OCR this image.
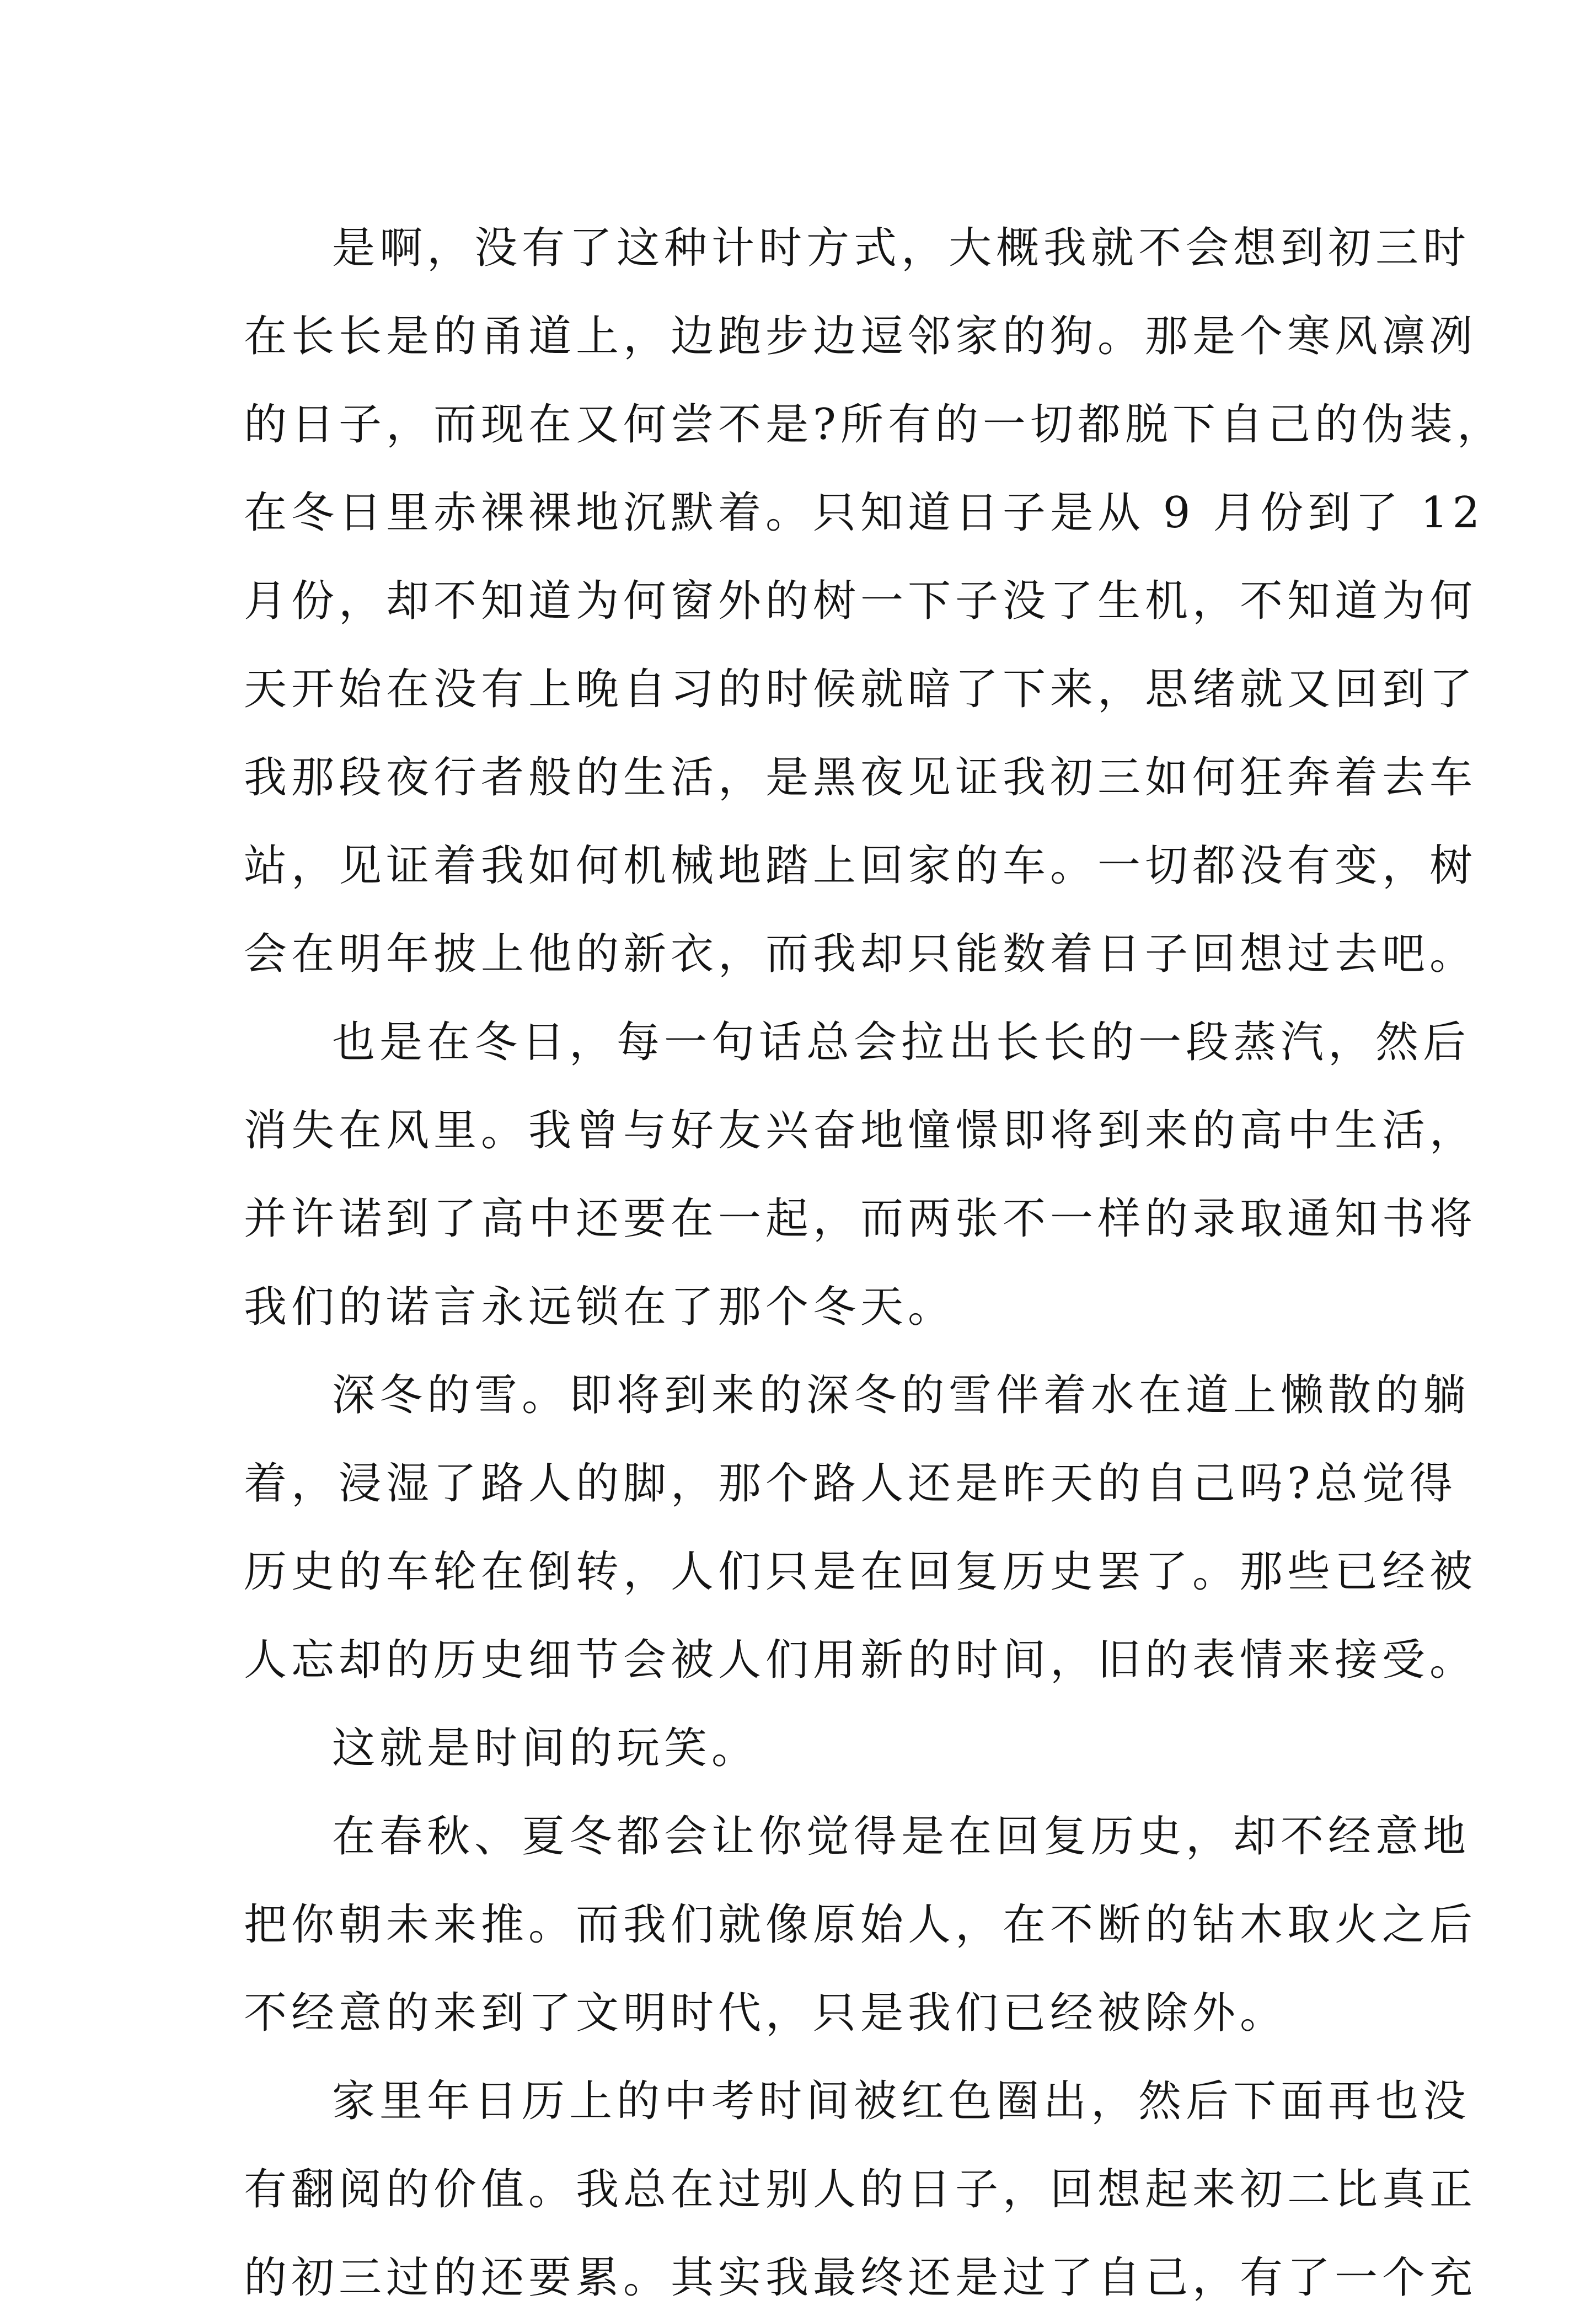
是啊，没有了这种计时方式，大概我就不会想到初三时
在长长是的甬道上，边跑步边逗邻家的狗。那是个寒风凛冽
的日子，而现在又何尝不是?所有的一切都脱下自己的伪装，
在冬日里赤裸裸地沉默着。只知道日子是从 9 月份到了 12
月份，却不知道为何窗外的树一下子没了生机，不知道为何
天开始在没有上晚自习的时候就暗了下来，思绪就又回到了
我那段夜行者般的生活，是黑夜见证我初三如何狂奔着去车
站，见证着我如何机械地踏上回家的车。一切都没有变，树
会在明年披上他的新衣，而我却只能数着日子回想过去吧。
也是在冬日，每一句话总会拉出长长的一段蒸汽，然后
消失在风里。我曾与好友兴奋地憧憬即将到来的高中生活，
并许诺到了高中还要在一起，而两张不一样的录取通知书将
我们的诺言永远锁在了那个冬天。
深冬的雪。即将到来的深冬的雪伴着水在道上懒散的躺
着，浸湿了路人的脚，那个路人还是昨天的自己吗?总觉得
历史的车轮在倒转，人们只是在回复历史罢了。那些已经被
人忘却的历史细节会被人们用新的时间，旧的表情来接受。
这就是时间的玩笑。
在春秋、夏冬都会让你觉得是在回复历史，却不经意地
把你朝未来推。而我们就像原始人，在不断的钻木取火之后
不经意的来到了文明时代，只是我们已经被除外。
家里年日历上的中考时间被红色圈出，然后下面再也没
有翻阅的价值。我总在过别人的日子，回想起来初二比真正
的初三过的还要累。其实我最终还是过了自己，有了一个充
